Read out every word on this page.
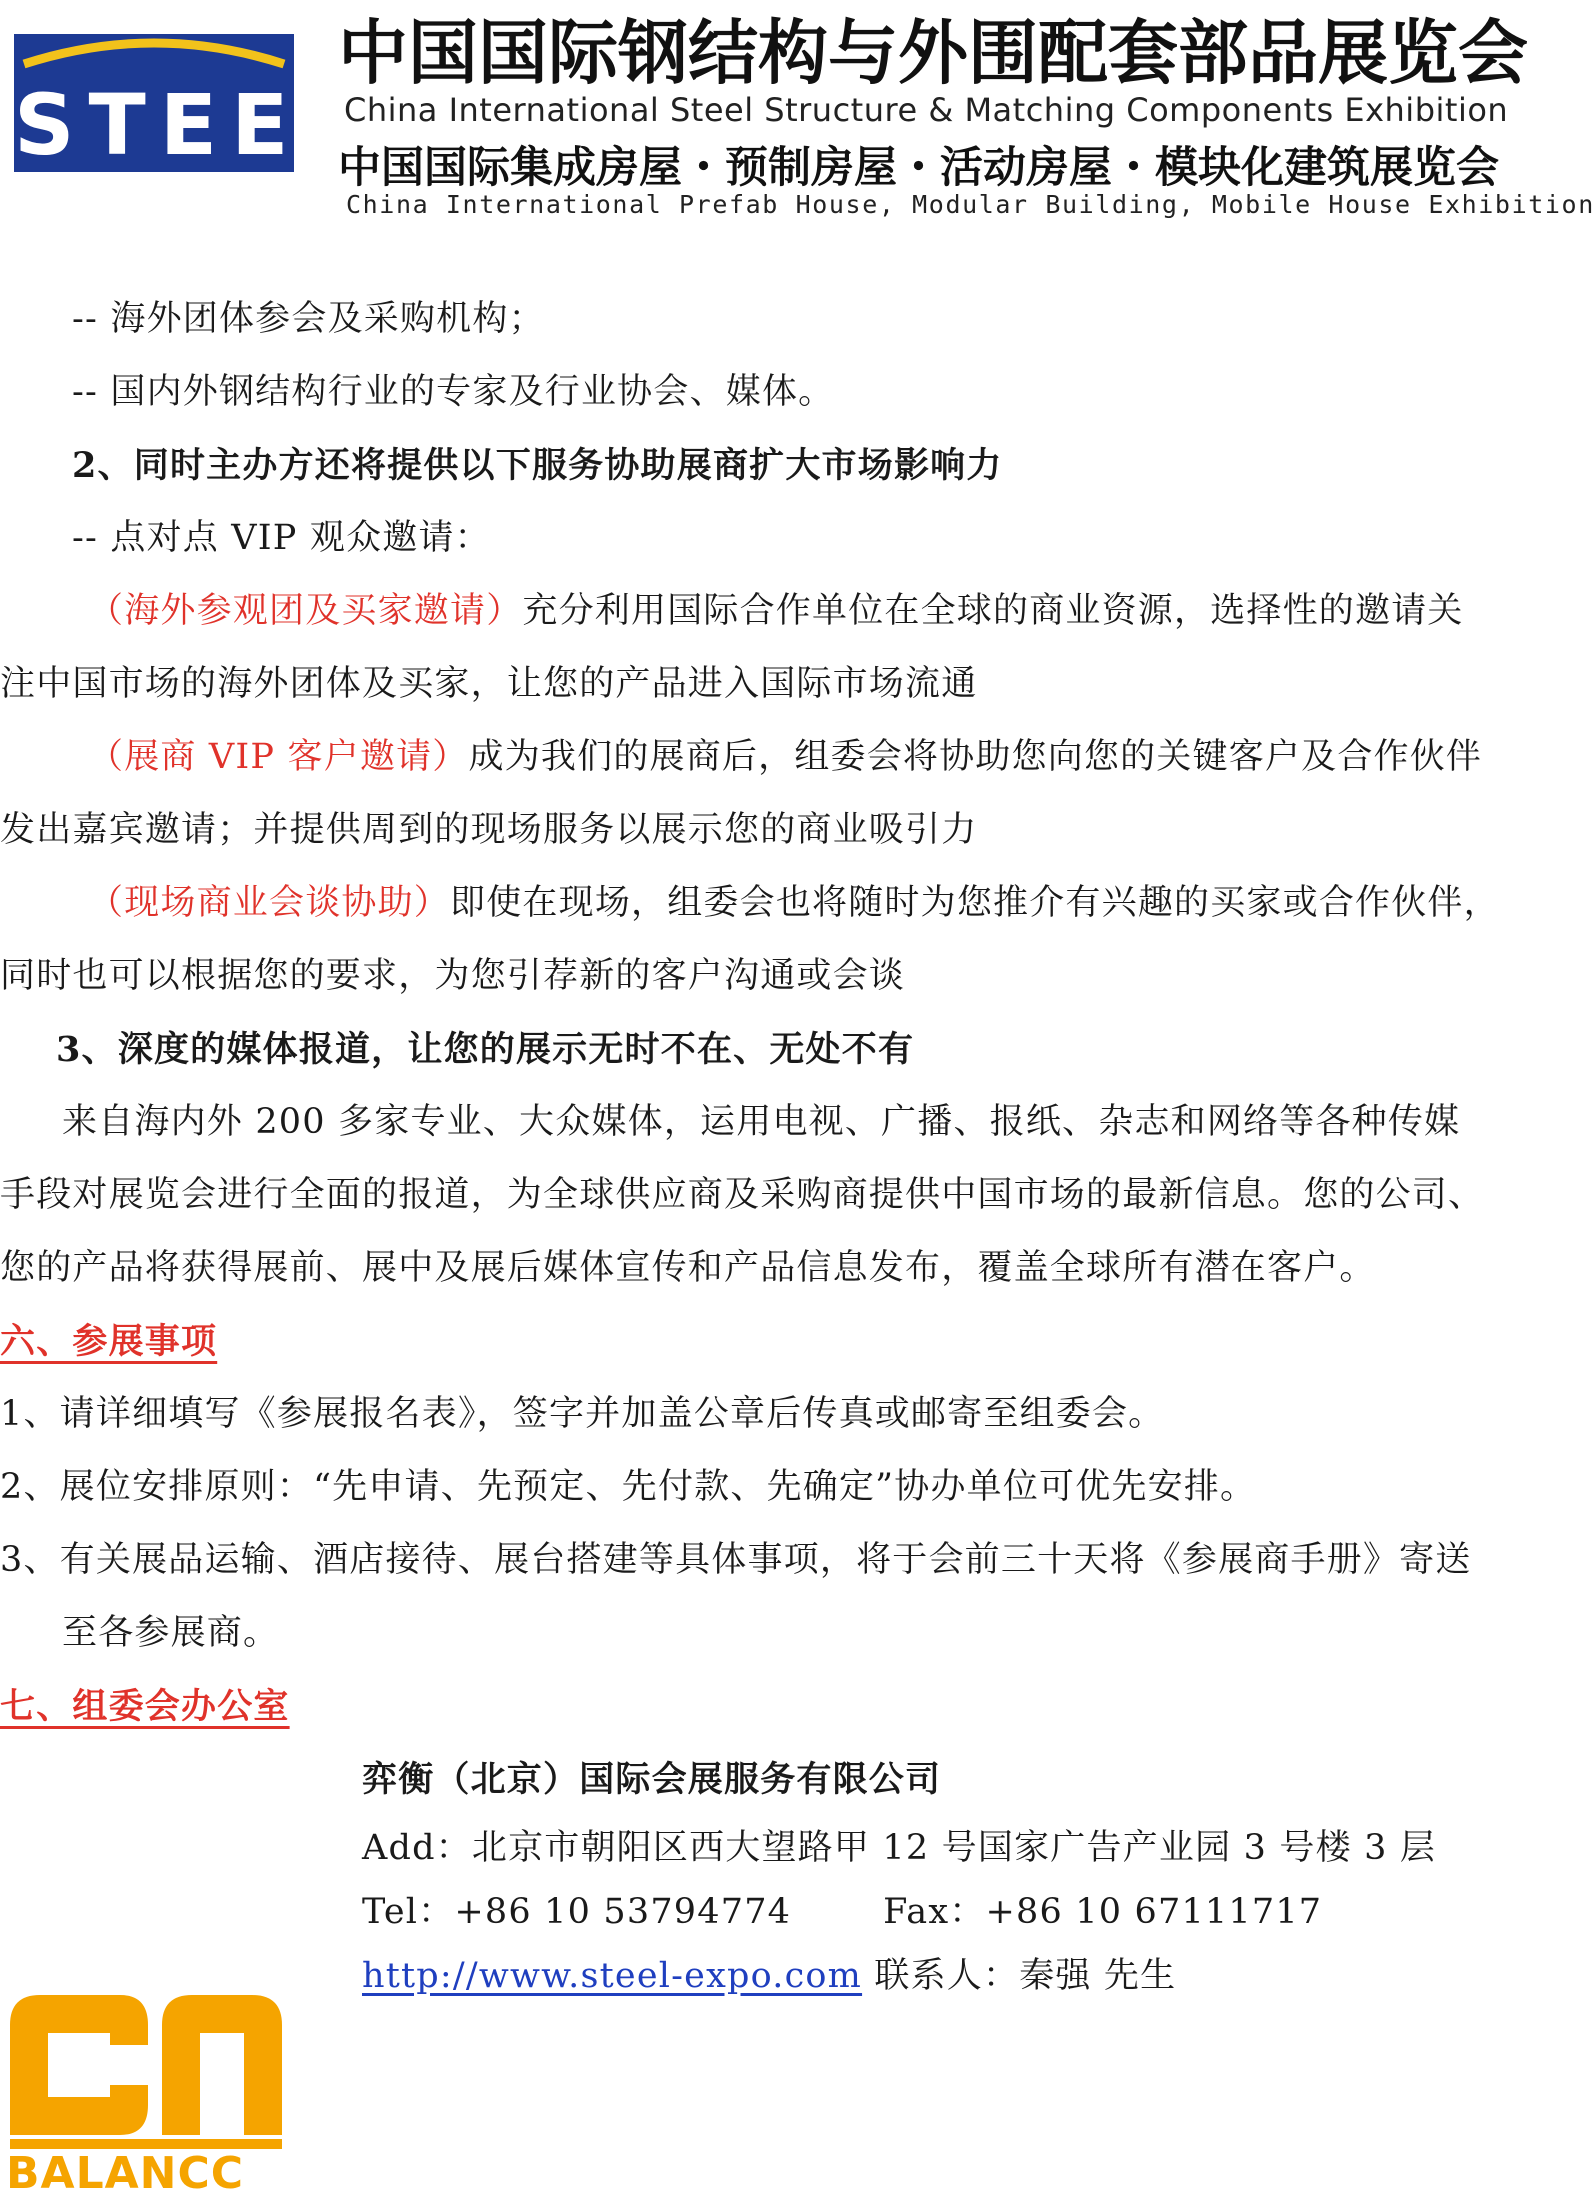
STEEL
中国国际钢结构与外围配套部品展览会
China International Steel Structure & Matching Components Exhibition
中国国际集成房屋・预制房屋・活动房屋・模块化建筑展览会
China International Prefab House, Modular Building, Mobile House Exhibition
-- 海外团体参会及采购机构；
-- 国内外钢结构行业的专家及行业协会、媒体。
2、同时主办方还将提供以下服务协助展商扩大市场影响力
-- 点对点 VIP 观众邀请：
（海外参观团及买家邀请）充分利用国际合作单位在全球的商业资源，选择性的邀请关
注中国市场的海外团体及买家，让您的产品进入国际市场流通
（展商 VIP 客户邀请）成为我们的展商后，组委会将协助您向您的关键客户及合作伙伴
发出嘉宾邀请；并提供周到的现场服务以展示您的商业吸引力
（现场商业会谈协助）即使在现场，组委会也将随时为您推介有兴趣的买家或合作伙伴，
同时也可以根据您的要求，为您引荐新的客户沟通或会谈
3、深度的媒体报道，让您的展示无时不在、无处不有
来自海内外 200 多家专业、大众媒体，运用电视、广播、报纸、杂志和网络等各种传媒
手段对展览会进行全面的报道，为全球供应商及采购商提供中国市场的最新信息。您的公司、
您的产品将获得展前、展中及展后媒体宣传和产品信息发布，覆盖全球所有潜在客户。
六、参展事项
1、请详细填写《参展报名表》，签字并加盖公章后传真或邮寄至组委会。
2、展位安排原则：“先申请、先预定、先付款、先确定”协办单位可优先安排。
3、有关展品运输、酒店接待、展台搭建等具体事项，将于会前三十天将《参展商手册》寄送
至各参展商。
七、组委会办公室
弈衡（北京）国际会展服务有限公司
Add：北京市朝阳区西大望路甲 12 号国家广告产业园 3 号楼 3 层
Tel：+86 10 53794774	Fax：+86 10 67111717
http://www.steel-expo.com 联系人：秦强 先生
BALANCC
